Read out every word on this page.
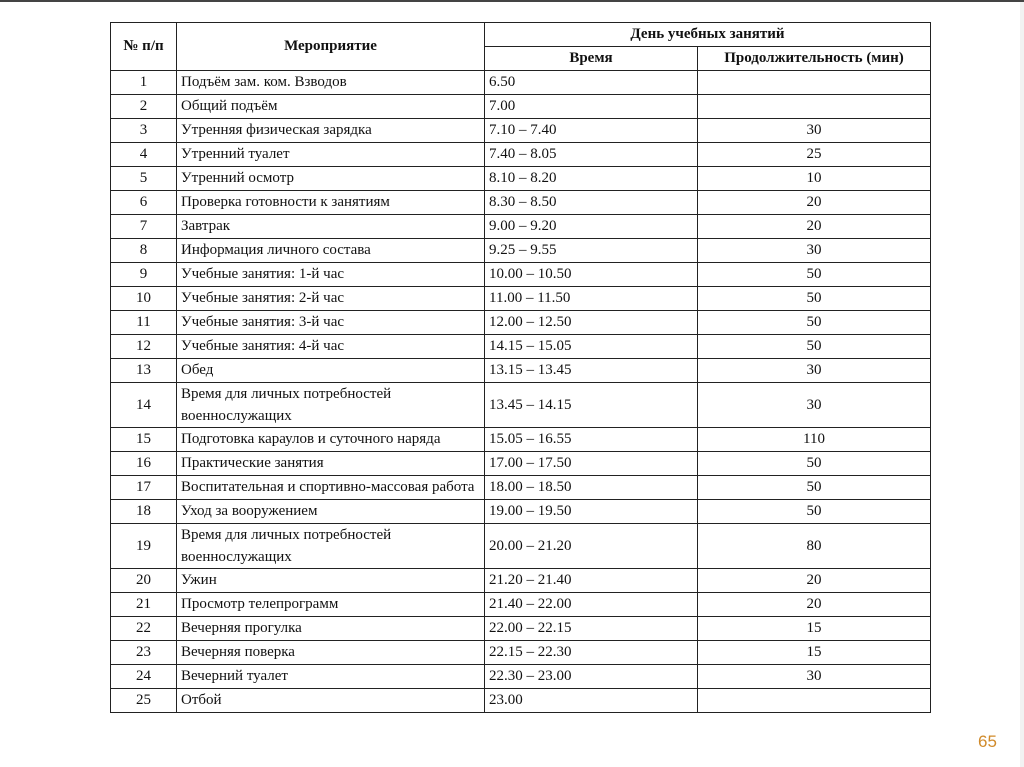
№ п/п	Мероприятие	День учебных занятий	
		Время	Продолжительность (мин)
1	Подъём зам. ком. Взводов	6.50	
2	Общий подъём	7.00	
3	Утренняя физическая зарядка	7.10 – 7.40	30
4	Утренний туалет	7.40 – 8.05	25
5	Утренний осмотр	8.10 – 8.20	10
6	Проверка готовности к занятиям	8.30 – 8.50	20
7	Завтрак	9.00 – 9.20	20
8	Информация личного состава	9.25 – 9.55	30
9	Учебные занятия: 1-й час	10.00 – 10.50	50
10	Учебные занятия: 2-й час	11.00 – 11.50	50
11	Учебные занятия: 3-й час	12.00 – 12.50	50
12	Учебные занятия: 4-й час	14.15 – 15.05	50
13	Обед	13.15 – 13.45	30
14	Время для личных потребностей военнослужащих	13.45 – 14.15	30
15	Подготовка караулов и суточного наряда	15.05 – 16.55	110
16	Практические занятия	17.00 – 17.50	50
17	Воспитательная и спортивно-массовая работа	18.00 – 18.50	50
18	Уход за вооружением	19.00 – 19.50	50
19	Время для личных потребностей военнослужащих	20.00 – 21.20	80
20	Ужин	21.20 – 21.40	20
21	Просмотр телепрограмм	21.40 – 22.00	20
22	Вечерняя прогулка	22.00 – 22.15	15
23	Вечерняя поверка	22.15 – 22.30	15
24	Вечерний туалет	22.30 – 23.00	30
25	Отбой	23.00	
65
